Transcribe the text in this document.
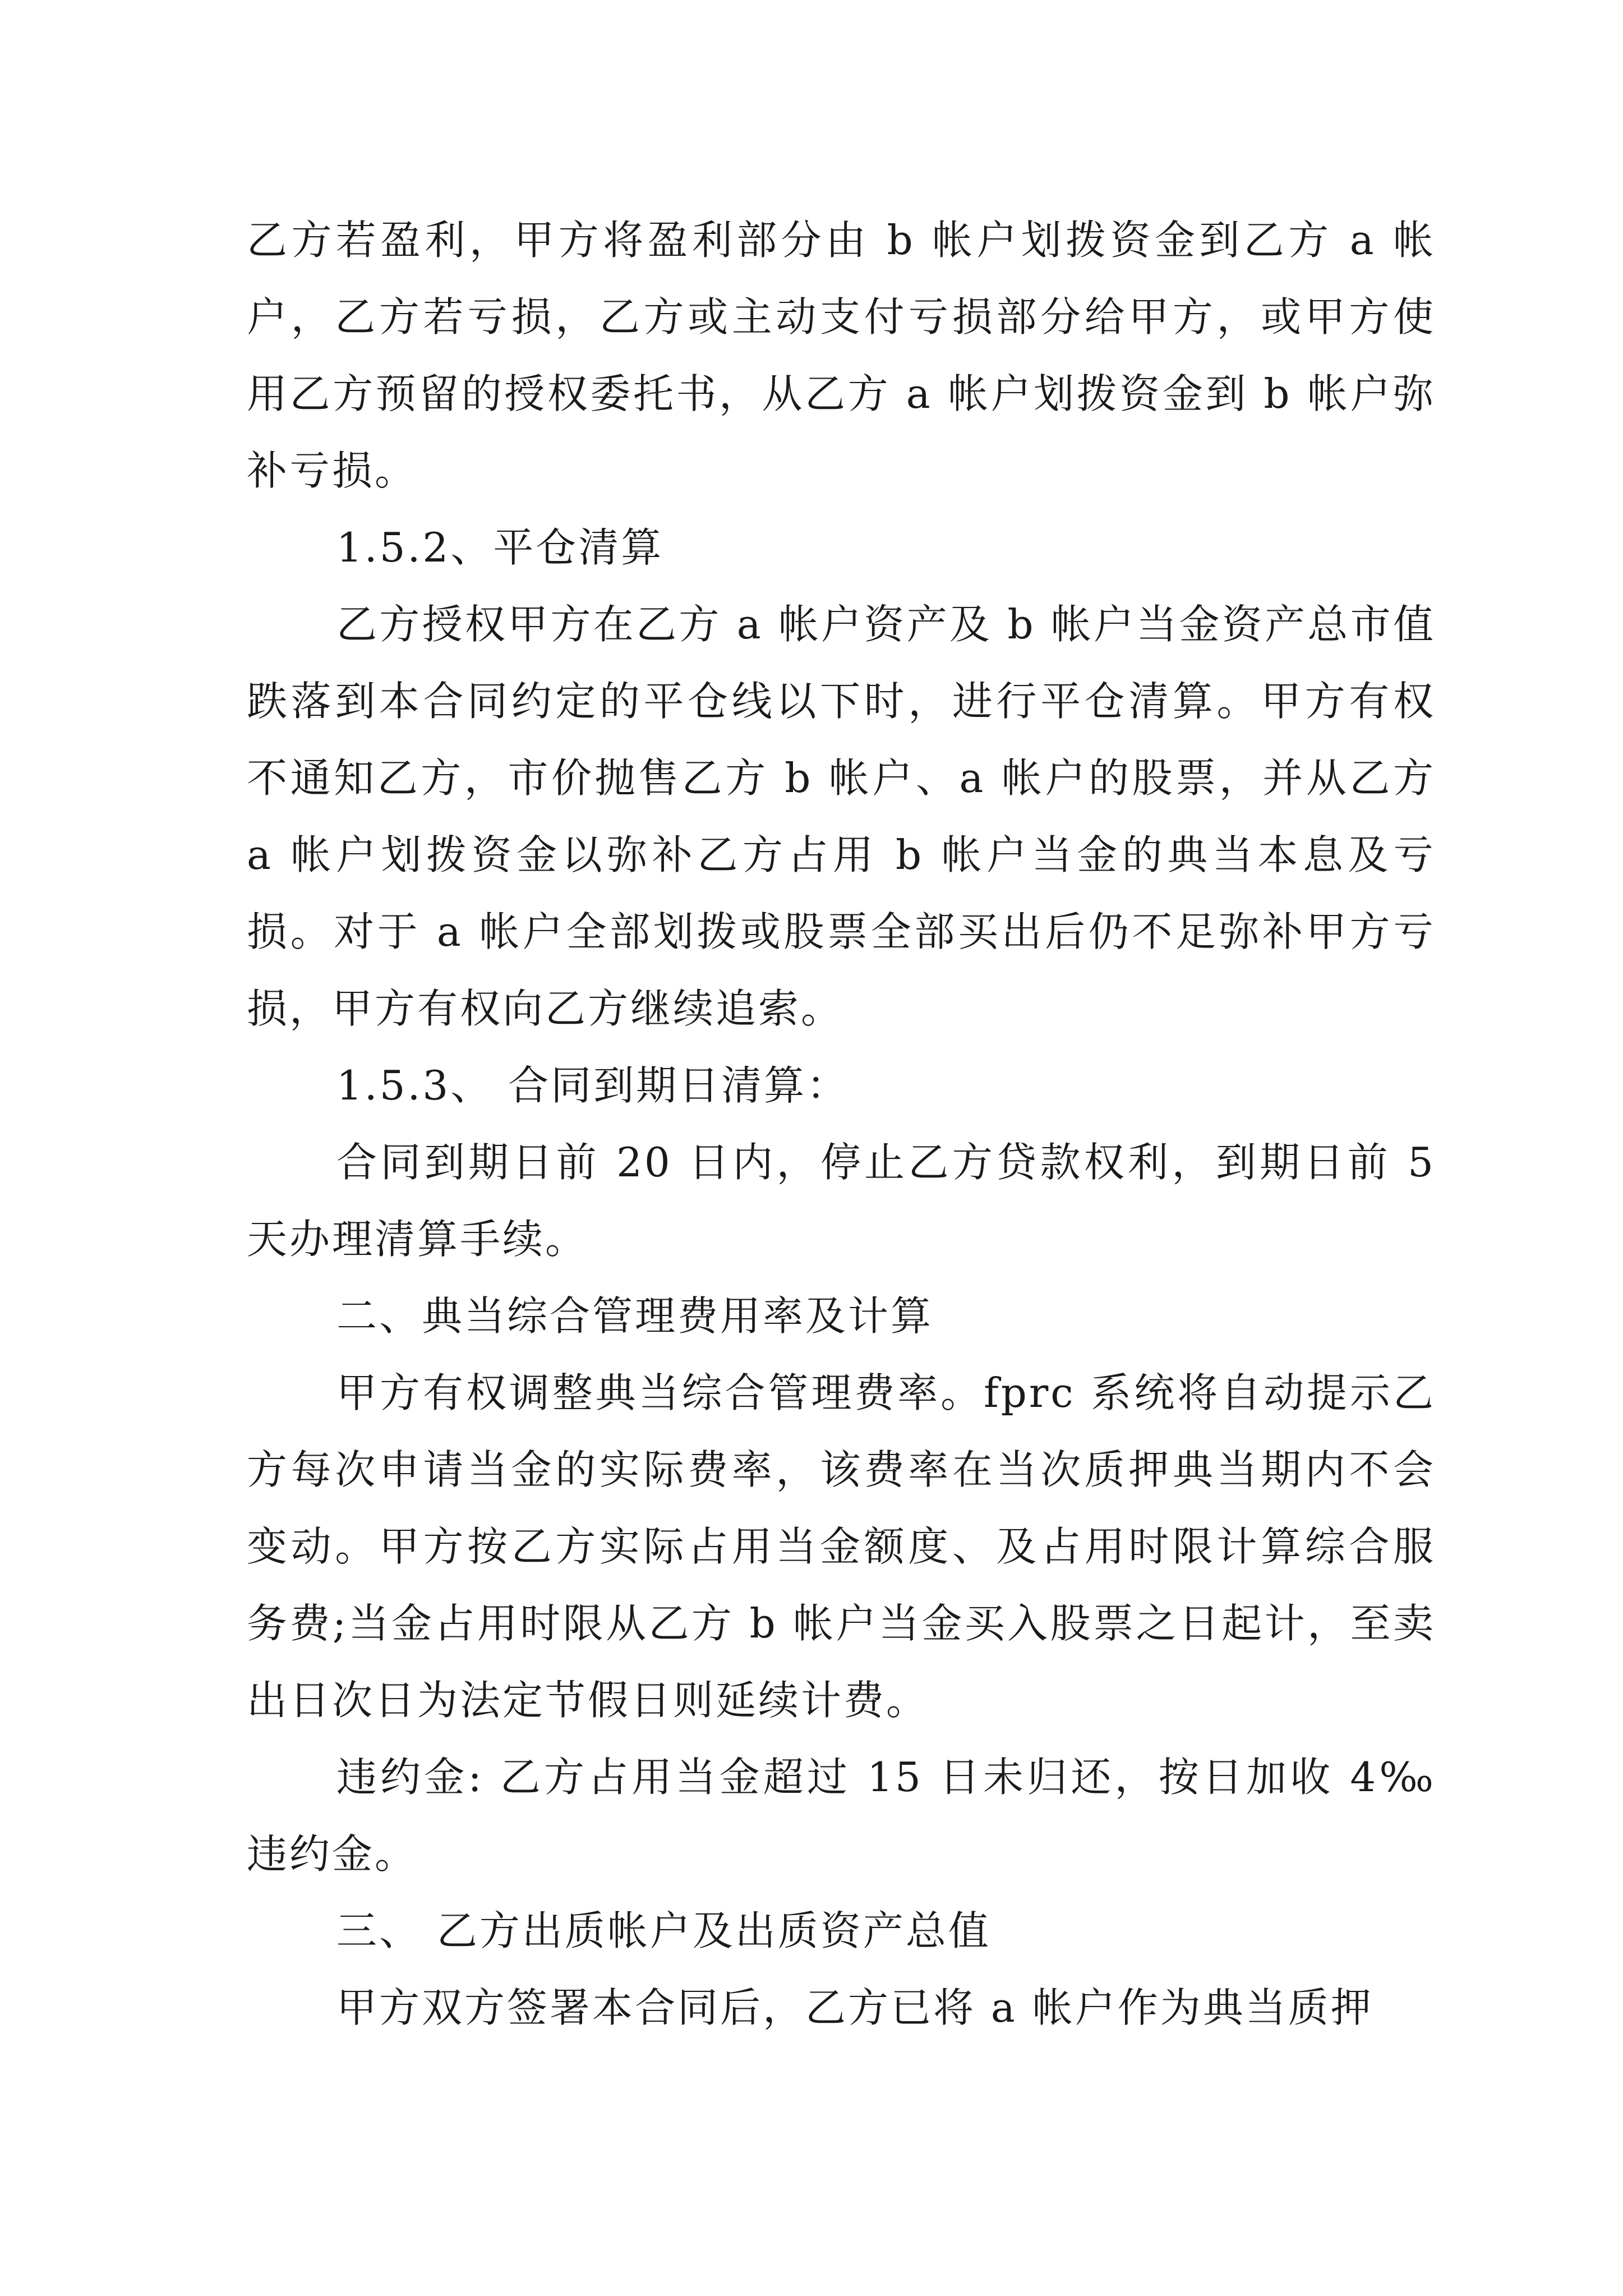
乙方若盈利，甲方将盈利部分由 b 帐户划拨资金到乙方 a 帐户，乙方若亏损，乙方或主动支付亏损部分给甲方，或甲方使用乙方预留的授权委托书，从乙方 a 帐户划拨资金到 b 帐户弥补亏损。

1.5.2、平仓清算

乙方授权甲方在乙方 a 帐户资产及 b 帐户当金资产总市值跌落到本合同约定的平仓线以下时，进行平仓清算。甲方有权不通知乙方，市价抛售乙方 b 帐户、a 帐户的股票，并从乙方 a 帐户划拨资金以弥补乙方占用 b 帐户当金的典当本息及亏损。对于 a 帐户全部划拨或股票全部买出后仍不足弥补甲方亏损，甲方有权向乙方继续追索。

1.5.3、 合同到期日清算：

合同到期日前 20 日内，停止乙方贷款权利，到期日前 5 天办理清算手续。

二、典当综合管理费用率及计算

甲方有权调整典当综合管理费率。fprc 系统将自动提示乙方每次申请当金的实际费率，该费率在当次质押典当期内不会变动。甲方按乙方实际占用当金额度、及占用时限计算综合服务费;当金占用时限从乙方 b 帐户当金买入股票之日起计，至卖出日次日为法定节假日则延续计费。

违约金: 乙方占用当金超过 15 日未归还，按日加收 4‰违约金。

三、 乙方出质帐户及出质资产总值

甲方双方签署本合同后，乙方已将 a 帐户作为典当质押
